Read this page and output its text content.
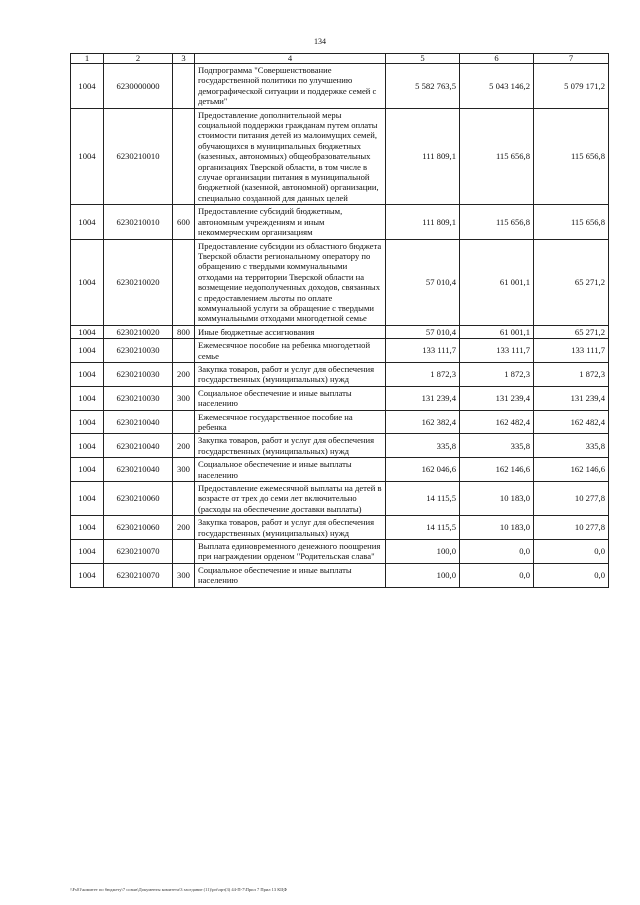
134
1	2	3	4	5	6	7
1004	6230000000		Подпрограмма "Совершенствование государственной политики по улучшению демографической ситуации и поддержке семей с детьми"	5 582 763,5	5 043 146,2	5 079 171,2
1004	6230210010		Предоставление дополнительной меры социальной поддержки гражданам путем оплаты стоимости питания детей из малоимущих семей, обучающихся в муниципальных бюджетных (казенных, автономных) общеобразовательных организациях Тверской области, в том числе в случае организации питания в муниципальной бюджетной (казенной, автономной) организации, специально созданной для данных целей	111 809,1	115 656,8	115 656,8
1004	6230210010	600	Предоставление субсидий бюджетным, автономным учреждениям и иным некоммерческим организациям	111 809,1	115 656,8	115 656,8
1004	6230210020		Предоставление субсидии из областного бюджета Тверской области региональному оператору по обращению с твердыми коммунальными отходами на территории Тверской области на возмещение недополученных доходов, связанных с предоставлением льготы по оплате коммунальной услуги за обращение с твердыми коммунальными отходами многодетной семье	57 010,4	61 001,1	65 271,2
1004	6230210020	800	Иные бюджетные ассигнования	57 010,4	61 001,1	65 271,2
1004	6230210030		Ежемесячное пособие на ребенка многодетной семье	133 111,7	133 111,7	133 111,7
1004	6230210030	200	Закупка товаров, работ и услуг для обеспечения государственных (муниципальных) нужд	1 872,3	1 872,3	1 872,3
1004	6230210030	300	Социальное обеспечение и иные выплаты населению	131 239,4	131 239,4	131 239,4
1004	6230210040		Ежемесячное государственное пособие на ребенка	162 382,4	162 482,4	162 482,4
1004	6230210040	200	Закупка товаров, работ и услуг для обеспечения государственных (муниципальных) нужд	335,8	335,8	335,8
1004	6230210040	300	Социальное обеспечение и иные выплаты населению	162 046,6	162 146,6	162 146,6
1004	6230210060		Предоставление ежемесячной выплаты на детей в возрасте от трех до семи лет включительно (расходы на обеспечение доставки выплаты)	14 115,5	10 183,0	10 277,8
1004	6230210060	200	Закупка товаров, работ и услуг для обеспечения государственных (муниципальных) нужд	14 115,5	10 183,0	10 277,8
1004	6230210070		Выплата единовременного денежного поощрения при награждении орденом "Родительская слава"	100,0	0,0	0,0
1004	6230210070	300	Социальное обеспечение и иные выплаты населению	100,0	0,0	0,0
\\Fs01\комитет по бюджету\7 созыв\Документы комитета\3 заседание (11)\prt\прт(3) 44-П-7\Прил 7 Прил 13 КЦФ
